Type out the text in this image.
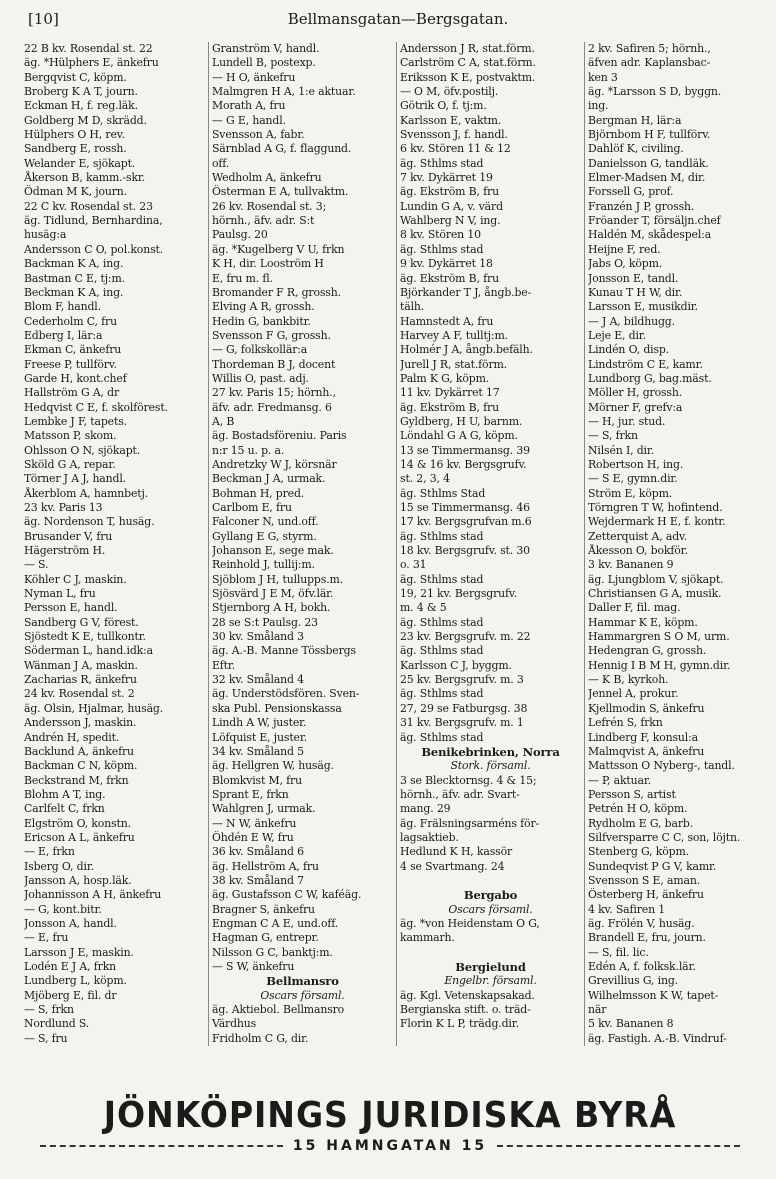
Bellmansgatan—Bergsgatan.
[10]
22 B kv. Rosendal st. 22
äg. *Hülphers E, änkefru
Bergqvist C, köpm.
Broberg K A T, journ.
Eckman H, f. reg.läk.
Goldberg M D, skrädd.
Hülphers O H, rev.
Sandberg E, rossh.
Welander E, sjökapt.
Åkerson B, kamm.-skr.
Ödman M K, journ.
22 C kv. Rosendal st. 23
äg. Tidlund, Bernhardina,
husäg:a
Andersson C O, pol.konst.
Backman K A, ing.
Bastman C E, tj:m.
Beckman K A, ing.
Blom F, handl.
Cederholm C, fru
Edberg I, lär:a
Ekman C, änkefru
Freese P, tullförv.
Garde H, kont.chef
Hallström G A, dr
Hedqvist C E, f. skolförest.
Lembke J F, tapets.
Matsson P, skom.
Ohlsson O N, sjökapt.
Sköld G A, repar.
Törner J A J, handl.
Åkerblom A, hamnbetj.
23 kv. Paris 13
äg. Nordenson T, husäg.
Brusander V, fru
Hägerström H.
— S.
Köhler C J, maskin.
Nyman L, fru
Persson E, handl.
Sandberg G V, förest.
Sjöstedt K E, tullkontr.
Söderman L, hand.idk:a
Wänman J A, maskin.
Zacharias R, änkefru
24 kv. Rosendal st. 2
äg. Olsin, Hjalmar, husäg.
Andersson J, maskin.
Andrén H, spedit.
Backlund A, änkefru
Backman C N, köpm.
Beckstrand M, frkn
Blohm A T, ing.
Carlfelt C, frkn
Elgström O, konstn.
Ericson A L, änkefru
— E, frkn
Isberg O, dir.
Jansson A, hosp.läk.
Johannisson A H, änkefru
— G, kont.bitr.
Jonsson A, handl.
— E, fru
Larsson J E, maskin.
Lodén E J A, frkn
Lundberg L, köpm.
Mjöberg E, fil. dr
— S, frkn
Nordlund S.
— S, fru
Granström V, handl.
Lundell B, postexp.
— H O, änkefru
Malmgren H A, 1:e aktuar.
Morath A, fru
— G E, handl.
Svensson A, fabr.
Särnblad A G, f. flaggund.
off.
Wedholm A, änkefru
Österman E A, tullvaktm.
26 kv. Rosendal st. 3;
hörnh., äfv. adr. S:t
Paulsg. 20
äg. *Kugelberg V U, frkn
K H, dir. Looström H
E, fru m. fl.
Bromander F R, grossh.
Elving A R, grossh.
Hedin G, bankbitr.
Svensson F G, grossh.
— G, folkskollär:a
Thordeman B J, docent
Willis O, past. adj.
27 kv. Paris 15; hörnh.,
äfv. adr. Fredmansg. 6
A, B
äg. Bostadsföreniu. Paris
n:r 15 u. p. a.
Andretzky W J, körsnär
Beckman J A, urmak.
Bohman H, pred.
Carlbom E, fru
Falconer N, und.off.
Gyllang E G, styrm.
Johanson E, sege mak.
Reinhold J, tullij:m.
Sjöblom J H, tullupps.m.
Sjösvärd J E M, öfv.lär.
Stjernborg A H, bokh.
28 se S:t Paulsg. 23
30 kv. Småland 3
äg. A.-B. Manne Tössbergs
Eftr.
32 kv. Småland 4
äg. Understödsfören. Sven-
ska Publ. Pensionskassa
Lindh A W, juster.
Löfquist E, juster.
34 kv. Småland 5
äg. Hellgren W, husäg.
Blomkvist M, fru
Sprant E, frkn
Wahlgren J, urmak.
— N W, änkefru
Öhdén E W, fru
36 kv. Småland 6
äg. Hellström A, fru
38 kv. Småland 7
äg. Gustafsson C W, kaféäg.
Bragner S, änkefru
Engman C A E, und.off.
Hagman G, entrepr.
Nilsson G C, banktj:m.
— S W, änkefru
Bellmansro
Oscars församl.
äg. Aktiebol. Bellmansro
Värdhus
Fridholm C G, dir.
Andersson J R, stat.förm.
Carlström C A, stat.förm.
Eriksson K E, postvaktm.
— O M, öfv.postilj.
Götrik O, f. tj:m.
Karlsson E, vaktm.
Svensson J, f. handl.
6 kv. Stören 11 & 12
äg. Sthlms stad
7 kv. Dykärret 19
äg. Ekström B, fru
Lundin G A, v. värd
Wahlberg N V, ing.
8 kv. Stören 10
äg. Sthlms stad
9 kv. Dykärret 18
äg. Ekström B, fru
Björkander T J, ångb.be-
tälh.
Hamnstedt A, fru
Harvey A F, tulltj:m.
Holmér J A, ångb.befälh.
Jurell J R, stat.förm.
Palm K G, köpm.
11 kv. Dykärret 17
äg. Ekström B, fru
Gyldberg, H U, barnm.
Löndahl G A G, köpm.
13 se Timmermansg. 39
14 & 16 kv. Bergsgrufv.
st. 2, 3, 4
äg. Sthlms Stad
15 se Timmermansg. 46
17 kv. Bergsgrufvan m.6
äg. Sthlms stad
18 kv. Bergsgrufv. st. 30
o. 31
äg. Sthlms stad
19, 21 kv. Bergsgrufv.
m. 4 & 5
äg. Sthlms stad
23 kv. Bergsgrufv. m. 22
äg. Sthlms stad
Karlsson C J, byggm.
25 kv. Bergsgrufv. m. 3
äg. Sthlms stad
27, 29 se Fatburgsg. 38
31 kv. Bergsgrufv. m. 1
äg. Sthlms stad
Benikebrinken, Norra
Stork. församl.
3 se Blecktornsg. 4 & 15;
hörnh., äfv. adr. Svart-
mang. 29
äg. Frälsningsarméns för-
lagsaktieb.
Hedlund K H, kassör
4 se Svartmang. 24

Bergabo
Oscars församl.
äg. *von Heidenstam O G,
kammarh.

Bergielund
Engelbr. församl.
äg. Kgl. Vetenskapsakad.
Bergianska stift. o. träd-
Florin K L P, trädg.dir.

2 kv. Safiren 5; hörnh.,
äfven adr. Kaplansbac-
ken 3
äg. *Larsson S D, byggn.
ing.
Bergman H, lär:a
Björnbom H F, tullförv.
Dahlöf K, civiling.
Danielsson G, tandläk.
Elmer-Madsen M, dir.
Forssell G, prof.
Franzén J P, grossh.
Fröander T, försäljn.chef
Haldén M, skådespel:a
Heijne F, red.
Jabs O, köpm.
Jonsson E, tandl.
Kunau T H W, dir.
Larsson E, musikdir.
— J A, bildhugg.
Leje E, dir.
Lindén O, disp.
Lindström C E, kamr.
Lundborg G, bag.mäst.
Möller H, grossh.
Mörner F, grefv:a
— H, jur. stud.
— S, frkn
Nilsén I, dir.
Robertson H, ing.
— S E, gymn.dir.
Ström E, köpm.
Törngren T W, hofintend.
Wejdermark H E, f. kontr.
Zetterquist A, adv.
Åkesson O, bokför.
3 kv. Bananen 9
äg. Ljungblom V, sjökapt.
Christiansen G A, musik.
Daller F, fil. mag.
Hammar K E, köpm.
Hammargren S O M, urm.
Hedengran G, grossh.
Hennig I B M H, gymn.dir.
— K B, kyrkoh.
Jennel A, prokur.
Kjellmodin S, änkefru
Lefrén S, frkn
Lindberg F, konsul:a
Malmqvist A, änkefru
Mattsson O Nyberg-, tandl.
— P, aktuar.
Persson S, artist
Petrén H O, köpm.
Rydholm E G, barb.
Silfversparre C C, son, löjtn.
Stenberg G, köpm.
Sundeqvist P G V, kamr.
Svensson S E, aman.
Österberg H, änkefru
4 kv. Safiren 1
äg. Frölén V, husäg.
Brandell E, fru, journ.
— S, fil. lic.
Edén A, f. folksk.lär.
Grevillius G, ing.
Wilhelmsson K W, tapet-
när
5 kv. Bananen 8
äg. Fastigh. A.-B. Vindruf-
JÖNKÖPINGS JURIDISKA BYRÅ
15 HAMNGATAN 15
